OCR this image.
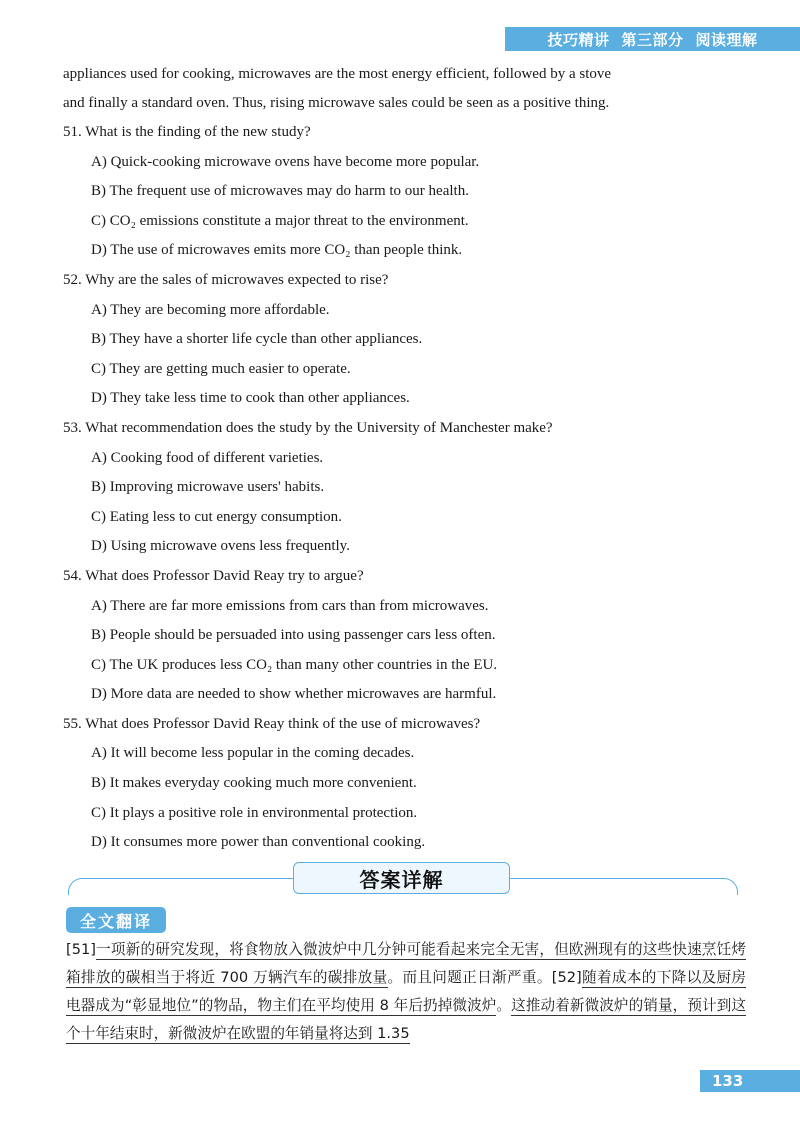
技巧精讲 第三部分 阅读理解

appliances used for cooking, microwaves are the most energy efficient, followed by a stove

and finally a standard oven. Thus, rising microwave sales could be seen as a positive thing.

51. What is the finding of the new study?

A) Quick-cooking microwave ovens have become more popular.

B) The frequent use of microwaves may do harm to our health.

C) CO₂ emissions constitute a major threat to the environment.

D) The use of microwaves emits more CO₂ than people think.

52. Why are the sales of microwaves expected to rise?

A) They are becoming more affordable.

B) They have a shorter life cycle than other appliances.

C) They are getting much easier to operate.

D) They take less time to cook than other appliances.

53. What recommendation does the study by the University of Manchester make?

A) Cooking food of different varieties.

B) Improving microwave users' habits.

C) Eating less to cut energy consumption.

D) Using microwave ovens less frequently.

54. What does Professor David Reay try to argue?

A) There are far more emissions from cars than from microwaves.

B) People should be persuaded into using passenger cars less often.

C) The UK produces less CO₂ than many other countries in the EU.

D) More data are needed to show whether microwaves are harmful.

55. What does Professor David Reay think of the use of microwaves?

A) It will become less popular in the coming decades.

B) It makes everyday cooking much more convenient.

C) It plays a positive role in environmental protection.

D) It consumes more power than conventional cooking.

答案详解
全文翻译

[51]一项新的研究发现，将食物放入微波炉中几分钟可能看起来完全无害，但欧洲现有的这些快速烹饪烤箱排放的碳相当于将近 700 万辆汽车的碳排放量。而且问题正日渐严重。[52]随着成本的下降以及厨房电器成为“彰显地位”的物品，物主们在平均使用 8 年后扔掉微波炉。这推动着新微波炉的销量，预计到这个十年结束时，新微波炉在欧盟的年销量将达到 1.35

133
